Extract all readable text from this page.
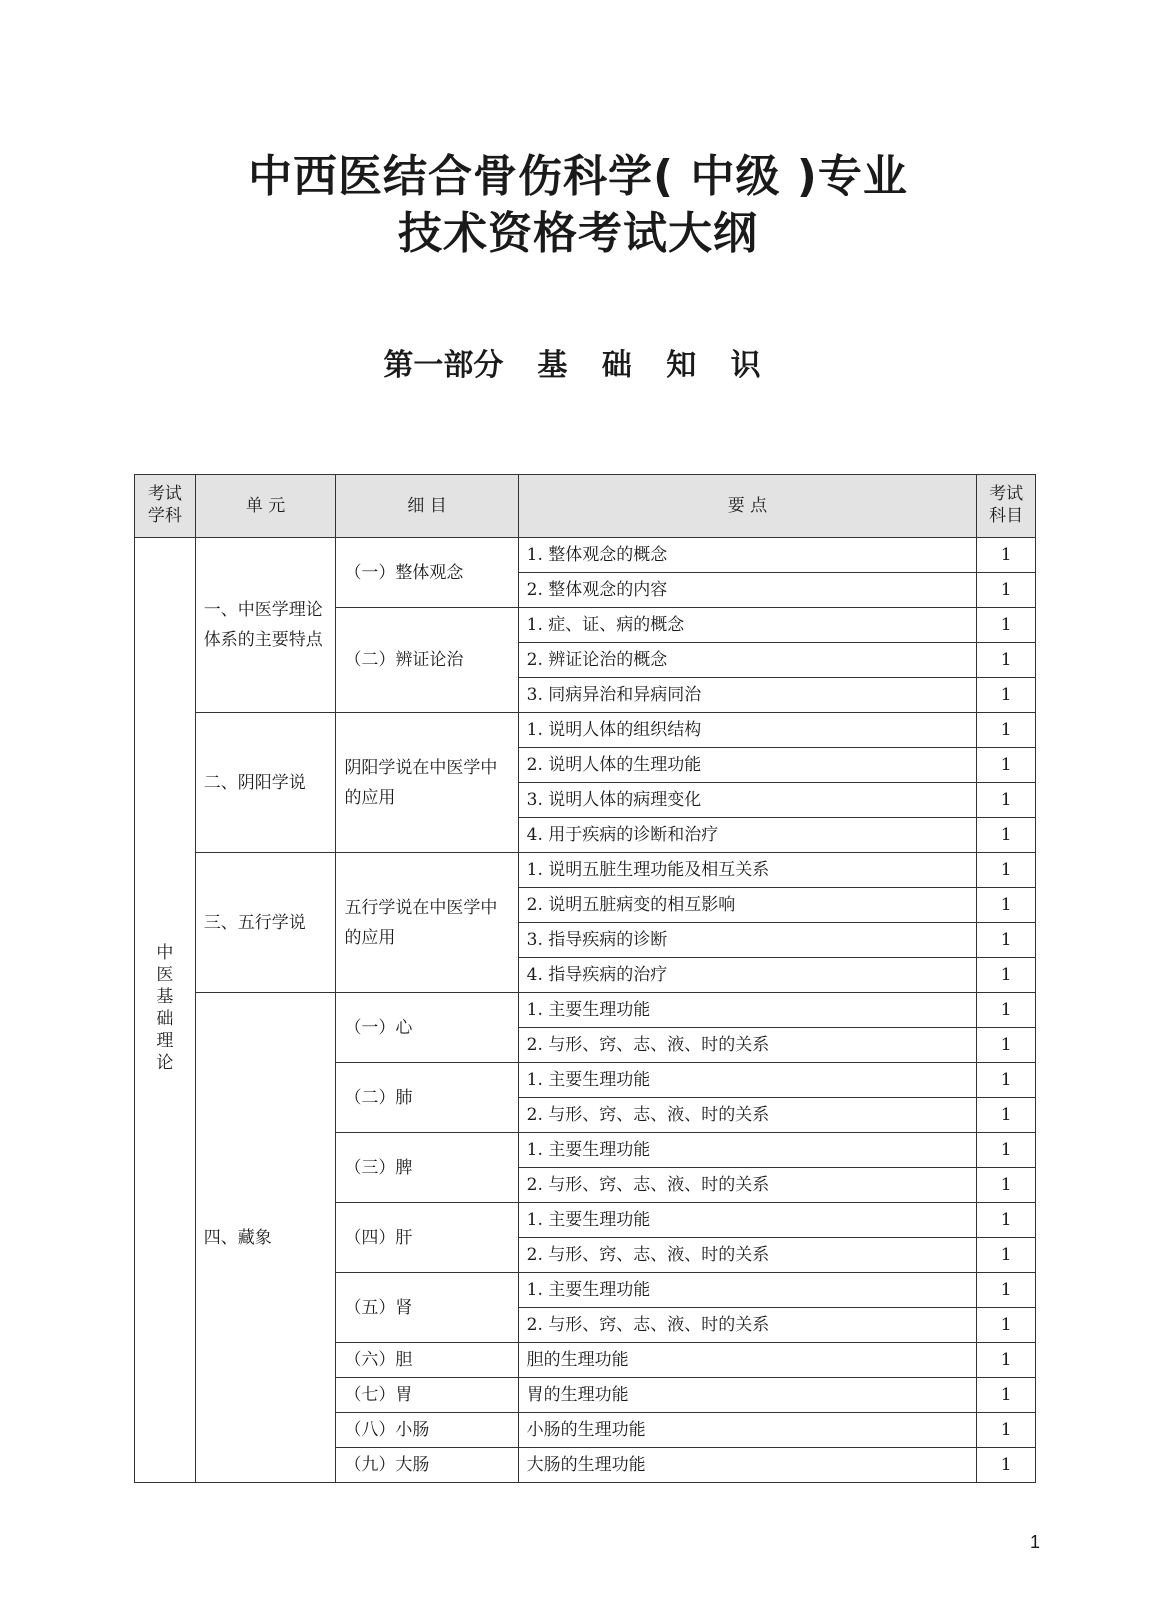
中西医结合骨伤科学( 中级 )专业
技术资格考试大纲
第一部分 基 础 知 识
考试学科	单 元	细 目	要 点	考试科目
中医基础理论	一、中医学理论体系的主要特点	（一）整体观念	1. 整体观念的概念	1
			2. 整体观念的内容	1
		（二）辨证论治	1. 症、证、病的概念	1
			2. 辨证论治的概念	1
			3. 同病异治和异病同治	1
	二、阴阳学说	阴阳学说在中医学中的应用	1. 说明人体的组织结构	1
			2. 说明人体的生理功能	1
			3. 说明人体的病理变化	1
			4. 用于疾病的诊断和治疗	1
	三、五行学说	五行学说在中医学中的应用	1. 说明五脏生理功能及相互关系	1
			2. 说明五脏病变的相互影响	1
			3. 指导疾病的诊断	1
			4. 指导疾病的治疗	1
	四、藏象	（一）心	1. 主要生理功能	1
			2. 与形、窍、志、液、时的关系	1
		（二）肺	1. 主要生理功能	1
			2. 与形、窍、志、液、时的关系	1
		（三）脾	1. 主要生理功能	1
			2. 与形、窍、志、液、时的关系	1
		（四）肝	1. 主要生理功能	1
			2. 与形、窍、志、液、时的关系	1
		（五）肾	1. 主要生理功能	1
			2. 与形、窍、志、液、时的关系	1
		（六）胆	胆的生理功能	1
		（七）胃	胃的生理功能	1
		（八）小肠	小肠的生理功能	1
		（九）大肠	大肠的生理功能	1
1
